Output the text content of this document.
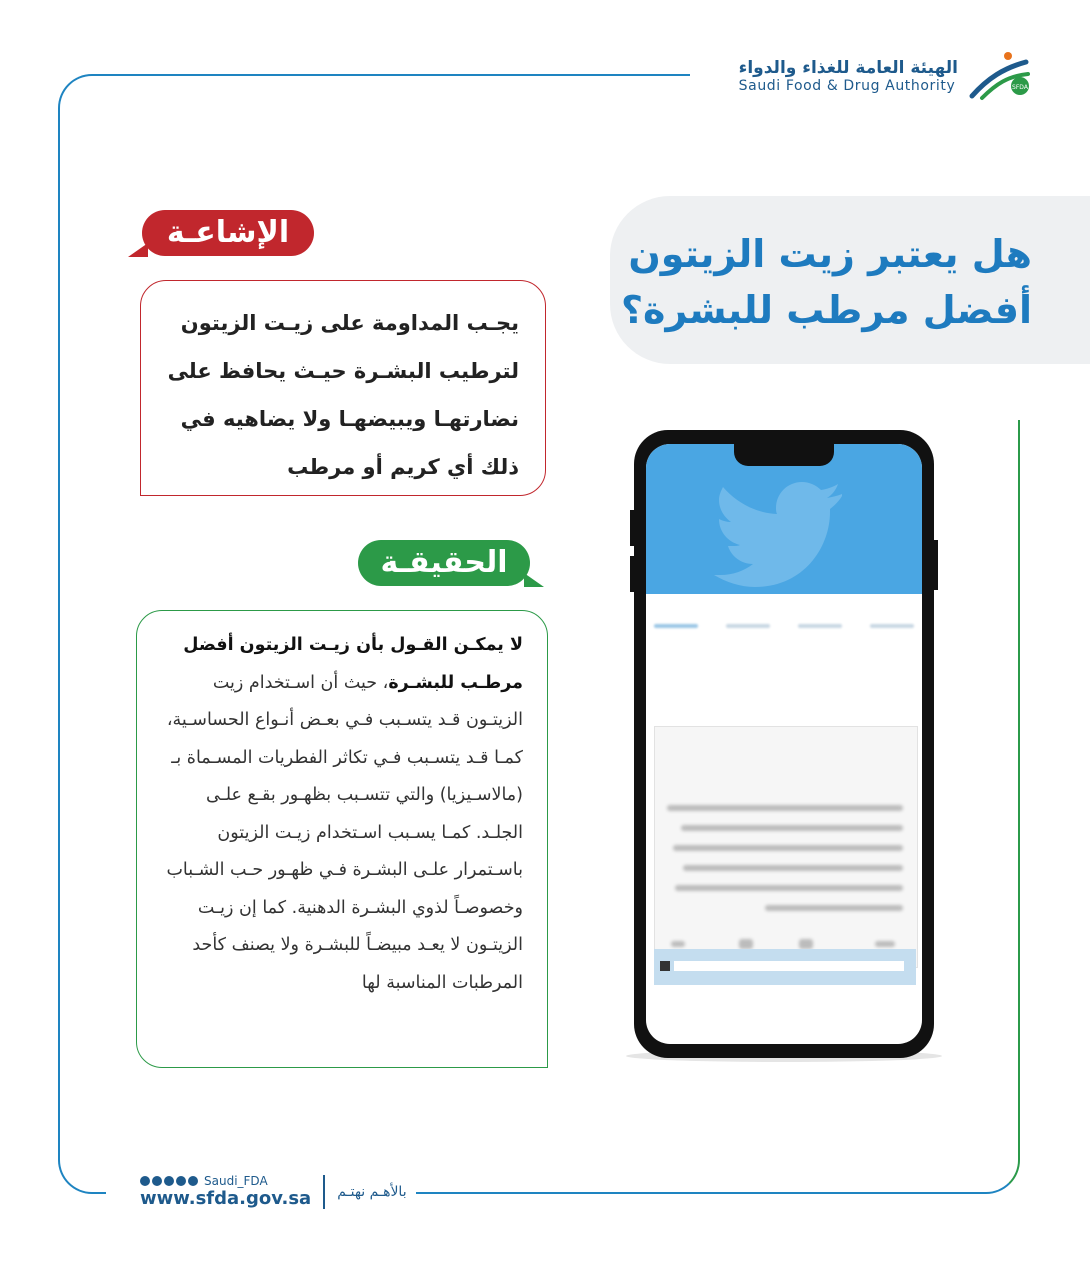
SFDA
الهيئة العامة للغذاء والدواء
Saudi Food & Drug Authority
هل يعتبر زيت الزيتون
أفضل مرطب للبشرة؟
الإشاعـة
يجـب المداومة على زيـت الزيتون لترطيب البشـرة حيـث يحافظ على نضارتهـا ويبيضهـا ولا يضاهيه في ذلك أي كريم أو مرطب
الحقيقـة
لا يمكـن القـول بأن زيـت الزيتون أفضل مرطـب للبشـرة، حيث أن اسـتخدام زيت الزيتـون قـد يتسـبب فـي بعـض أنـواع الحساسـية، كمـا قـد يتسـبب فـي تكاثر الفطريات المسـماة بـ (مالاسـيزيا) والتي تتسـبب بظهـور بقـع علـى الجلـد. كمـا يسـبب اسـتخدام زيـت الزيتون باسـتمرار علـى البشـرة فـي ظهـور حـب الشـباب وخصوصـاً لذوي البشـرة الدهنية. كما إن زيـت الزيتـون لا يعـد مبيضـاً للبشـرة ولا يصنف كأحد المرطبات المناسبة لها
Saudi_FDA
www.sfda.gov.sa بالأهـم نهتـم
